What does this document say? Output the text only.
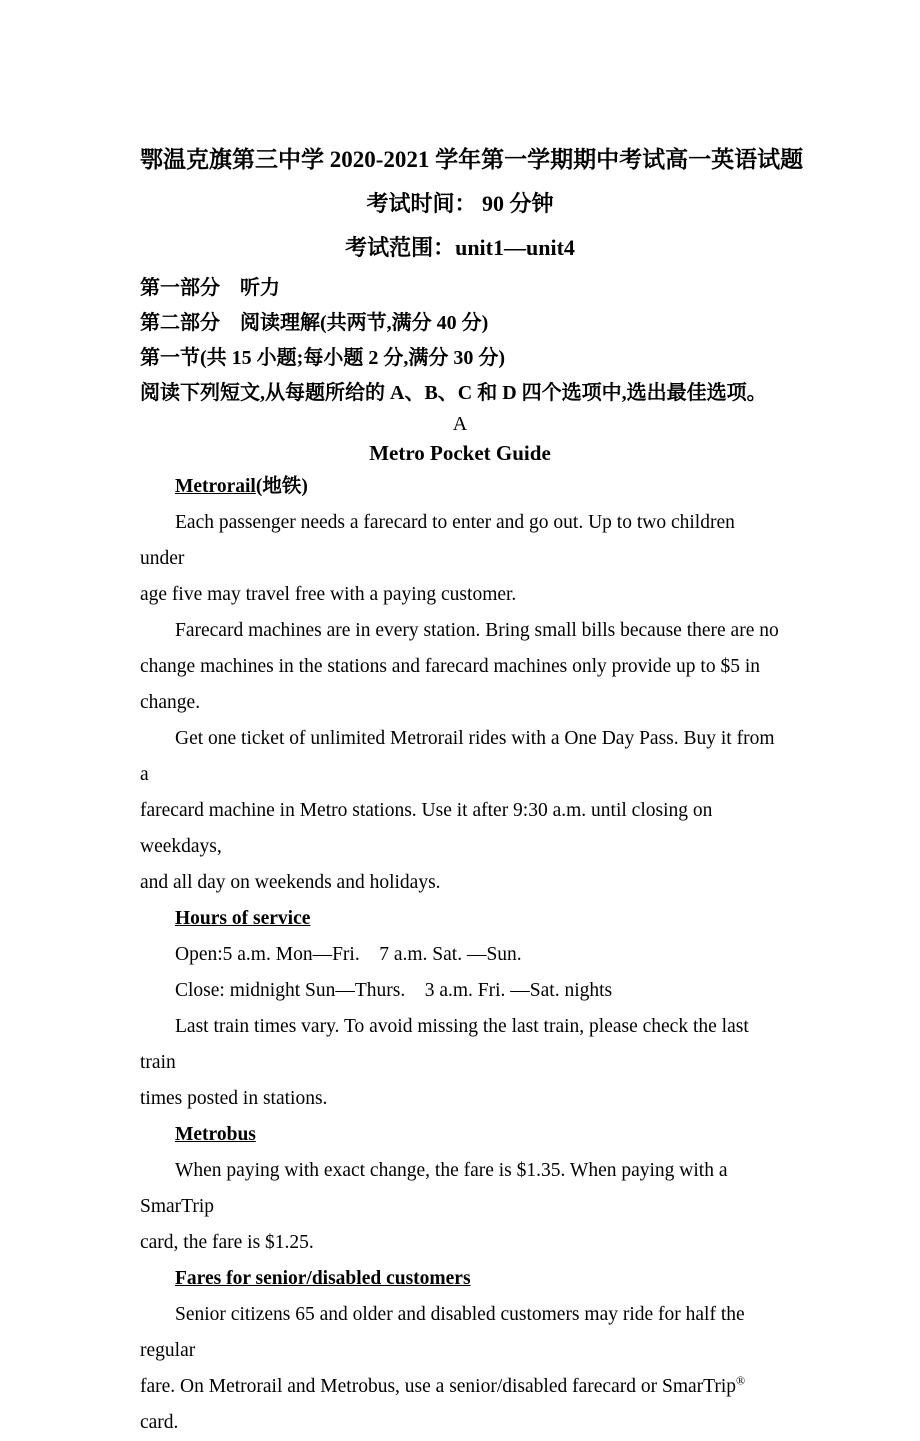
鄂温克旗第三中学 2020-2021 学年第一学期期中考试高一英语试题
考试时间： 90 分钟
考试范围：unit1—unit4
第一部分　听力
第二部分　阅读理解(共两节,满分 40 分)
第一节(共 15 小题;每小题 2 分,满分 30 分)
阅读下列短文,从每题所给的 A、B、C 和 D 四个选项中,选出最佳选项。
A
Metro Pocket Guide
Metrorail(地铁)
Each passenger needs a farecard to enter and go out. Up to two children under
age five may travel free with a paying customer.
Farecard machines are in every station. Bring small bills because there are no
change machines in the stations and farecard machines only provide up to $5 in
change.
Get one ticket of unlimited Metrorail rides with a One Day Pass. Buy it from a
farecard machine in Metro stations. Use it after 9:30 a.m. until closing on weekdays,
and all day on weekends and holidays.
Hours of service
Open:5 a.m. Mon—Fri.    7 a.m. Sat. —Sun.
Close: midnight Sun—Thurs.    3 a.m. Fri. —Sat. nights
Last train times vary. To avoid missing the last train, please check the last train
times posted in stations.
Metrobus
When paying with exact change, the fare is $1.35. When paying with a SmarTrip
card, the fare is $1.25.
Fares for senior/disabled customers
Senior citizens 65 and older and disabled customers may ride for half the regular
fare. On Metrorail and Metrobus, use a senior/disabled farecard or SmarTrip® card.
